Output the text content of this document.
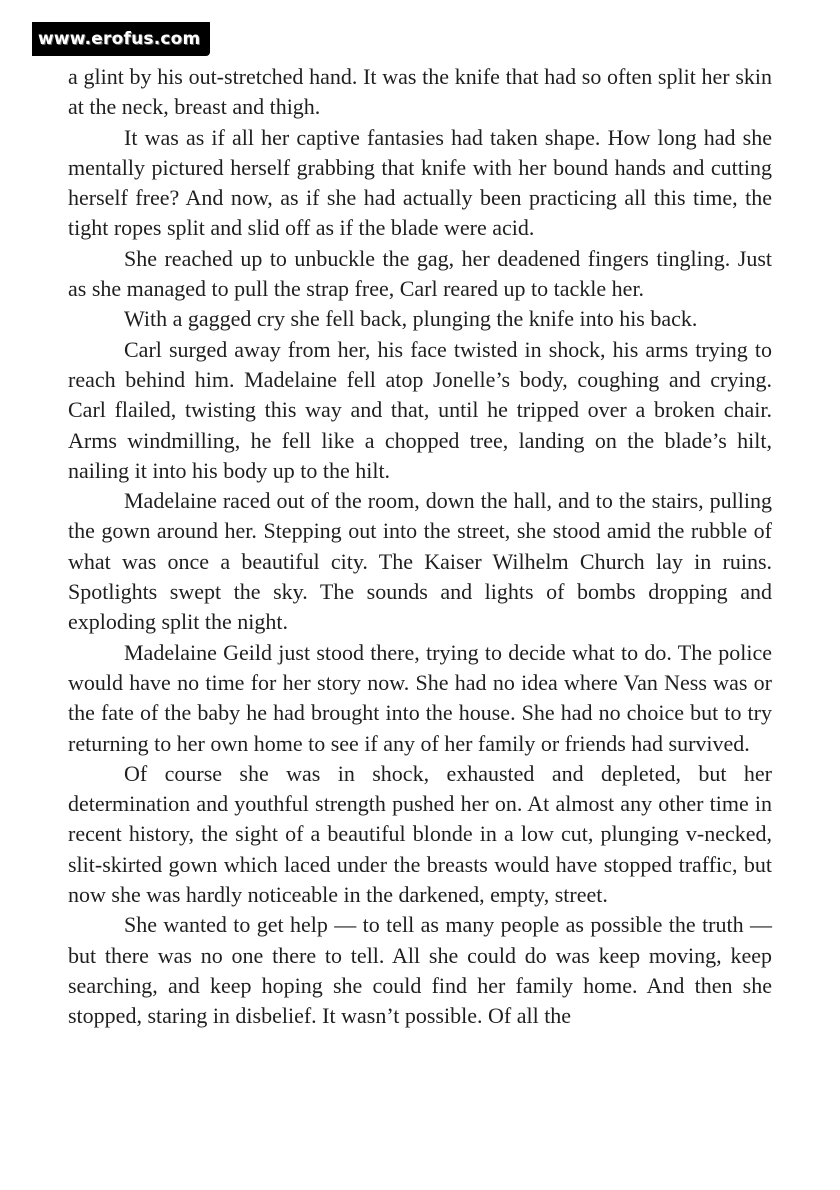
www.erofus.com

a glint by his out-stretched hand. It was the knife that had so often split her skin at the neck, breast and thigh.

It was as if all her captive fantasies had taken shape. How long had she mentally pictured herself grabbing that knife with her bound hands and cutting herself free? And now, as if she had actually been practicing all this time, the tight ropes split and slid off as if the blade were acid.

She reached up to unbuckle the gag, her deadened fingers tingling. Just as she managed to pull the strap free, Carl reared up to tackle her.

With a gagged cry she fell back, plunging the knife into his back.

Carl surged away from her, his face twisted in shock, his arms trying to reach behind him. Madelaine fell atop Jonelle’s body, coughing and crying. Carl flailed, twisting this way and that, until he tripped over a broken chair. Arms windmilling, he fell like a chopped tree, landing on the blade’s hilt, nailing it into his body up to the hilt.

Madelaine raced out of the room, down the hall, and to the stairs, pulling the gown around her. Stepping out into the street, she stood amid the rubble of what was once a beautiful city. The Kaiser Wilhelm Church lay in ruins. Spotlights swept the sky. The sounds and lights of bombs dropping and exploding split the night.

Madelaine Geild just stood there, trying to decide what to do. The police would have no time for her story now. She had no idea where Van Ness was or the fate of the baby he had brought into the house. She had no choice but to try returning to her own home to see if any of her family or friends had survived.

Of course she was in shock, exhausted and depleted, but her determination and youthful strength pushed her on. At almost any other time in recent history, the sight of a beautiful blonde in a low cut, plunging v-necked, slit-skirted gown which laced under the breasts would have stopped traffic, but now she was hardly noticeable in the darkened, empty, street.

She wanted to get help — to tell as many people as possible the truth — but there was no one there to tell. All she could do was keep moving, keep searching, and keep hoping she could find her family home. And then she stopped, staring in disbelief. It wasn’t possible. Of all the
